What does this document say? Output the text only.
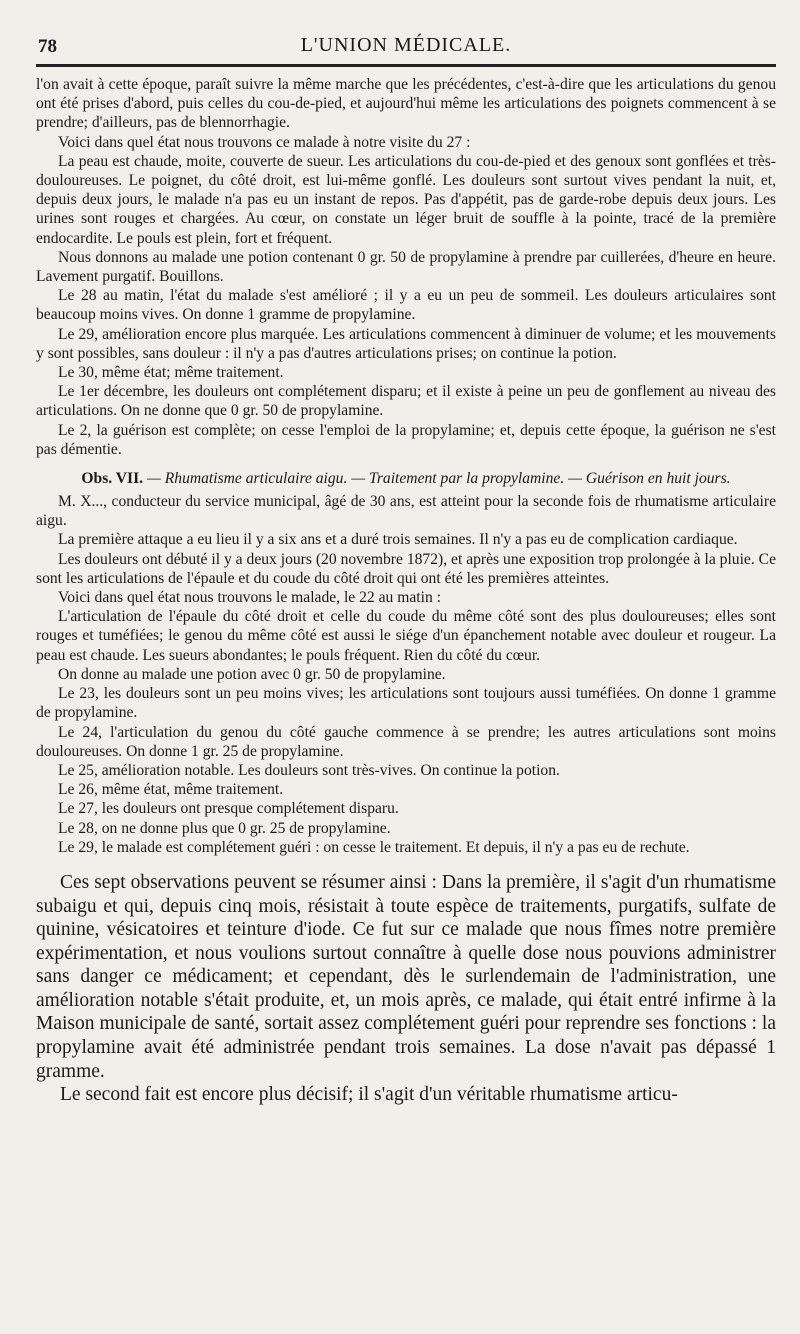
78	L'UNION MÉDICALE.

l'on avait à cette époque, paraît suivre la même marche que les précédentes, c'est-à-dire que les articulations du genou ont été prises d'abord, puis celles du cou-de-pied, et aujourd'hui même les articulations des poignets commencent à se prendre; d'ailleurs, pas de blennorrhagie.

Voici dans quel état nous trouvons ce malade à notre visite du 27 :

La peau est chaude, moite, couverte de sueur. Les articulations du cou-de-pied et des genoux sont gonflées et très-douloureuses. Le poignet, du côté droit, est lui-même gonflé. Les douleurs sont surtout vives pendant la nuit, et, depuis deux jours, le malade n'a pas eu un instant de repos. Pas d'appétit, pas de garde-robe depuis deux jours. Les urines sont rouges et chargées. Au cœur, on constate un léger bruit de souffle à la pointe, tracé de la première endocardite. Le pouls est plein, fort et fréquent.

Nous donnons au malade une potion contenant 0 gr. 50 de propylamine à prendre par cuillerées, d'heure en heure. Lavement purgatif. Bouillons.

Le 28 au matin, l'état du malade s'est amélioré ; il y a eu un peu de sommeil. Les douleurs articulaires sont beaucoup moins vives. On donne 1 gramme de propylamine.

Le 29, amélioration encore plus marquée. Les articulations commencent à diminuer de volume; et les mouvements y sont possibles, sans douleur : il n'y a pas d'autres articulations prises; on continue la potion.

Le 30, même état; même traitement.

Le 1er décembre, les douleurs ont complétement disparu; et il existe à peine un peu de gonflement au niveau des articulations. On ne donne que 0 gr. 50 de propylamine.

Le 2, la guérison est complète; on cesse l'emploi de la propylamine; et, depuis cette époque, la guérison ne s'est pas démentie.

Obs. VII. — Rhumatisme articulaire aigu. — Traitement par la propylamine. — Guérison en huit jours.

M. X..., conducteur du service municipal, âgé de 30 ans, est atteint pour la seconde fois de rhumatisme articulaire aigu.

La première attaque a eu lieu il y a six ans et a duré trois semaines. Il n'y a pas eu de complication cardiaque.

Les douleurs ont débuté il y a deux jours (20 novembre 1872), et après une exposition trop prolongée à la pluie. Ce sont les articulations de l'épaule et du coude du côté droit qui ont été les premières atteintes.

Voici dans quel état nous trouvons le malade, le 22 au matin :

L'articulation de l'épaule du côté droit et celle du coude du même côté sont des plus douloureuses; elles sont rouges et tuméfiées; le genou du même côté est aussi le siége d'un épanchement notable avec douleur et rougeur. La peau est chaude. Les sueurs abondantes; le pouls fréquent. Rien du côté du cœur.

On donne au malade une potion avec 0 gr. 50 de propylamine.

Le 23, les douleurs sont un peu moins vives; les articulations sont toujours aussi tuméfiées. On donne 1 gramme de propylamine.

Le 24, l'articulation du genou du côté gauche commence à se prendre; les autres articulations sont moins douloureuses. On donne 1 gr. 25 de propylamine.

Le 25, amélioration notable. Les douleurs sont très-vives. On continue la potion.

Le 26, même état, même traitement.

Le 27, les douleurs ont presque complétement disparu.

Le 28, on ne donne plus que 0 gr. 25 de propylamine.

Le 29, le malade est complétement guéri : on cesse le traitement. Et depuis, il n'y a pas eu de rechute.

Ces sept observations peuvent se résumer ainsi : Dans la première, il s'agit d'un rhumatisme subaigu et qui, depuis cinq mois, résistait à toute espèce de traitements, purgatifs, sulfate de quinine, vésicatoires et teinture d'iode. Ce fut sur ce malade que nous fîmes notre première expérimentation, et nous voulions surtout connaître à quelle dose nous pouvions administrer sans danger ce médicament; et cependant, dès le surlendemain de l'administration, une amélioration notable s'était produite, et, un mois après, ce malade, qui était entré infirme à la Maison municipale de santé, sortait assez complétement guéri pour reprendre ses fonctions : la propylamine avait été administrée pendant trois semaines. La dose n'avait pas dépassé 1 gramme.

Le second fait est encore plus décisif; il s'agit d'un véritable rhumatisme articu-
